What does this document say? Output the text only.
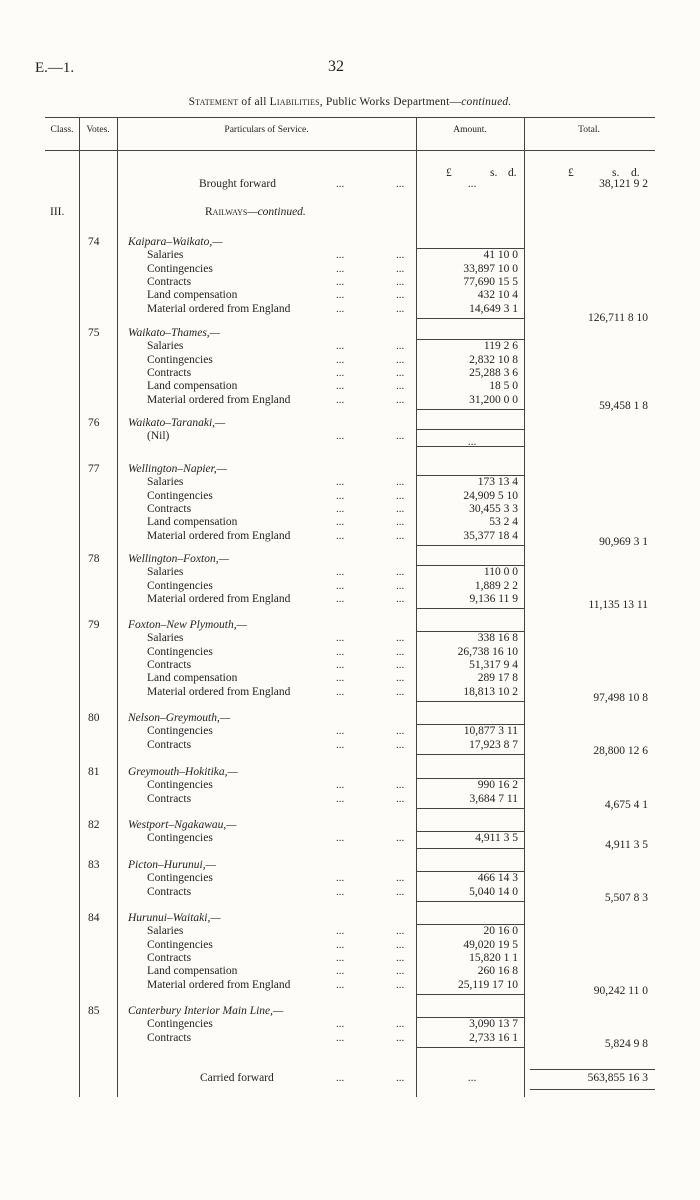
E.—1.	32
Statement of all Liabilities, Public Works Department—continued.
Class.	Votes.	Particulars of Service.	Amount.	Total.
£	s. d.	£	s. d.
Brought forward	...	...	...	38,121 9 2
III.	Railways—continued.
74 Kaipara–Waikato,—
Salaries	...	...	41 10 0
Contingencies	...	...	33,897 10 0
Contracts	...	...	77,690 15 5
Land compensation	...	...	432 10 4
Material ordered from England	...	...	14,649 3 1
126,711 8 10
75 Waikato–Thames,—
Salaries	...	...	119 2 6
Contingencies	...	...	2,832 10 8
Contracts	...	...	25,288 3 6
Land compensation	...	...	18 5 0
Material ordered from England	...	...	31,200 0 0
59,458 1 8
76 Waikato–Taranaki,—
(Nil)	...	...	...
77 Wellington–Napier,—
Salaries	...	...	173 13 4
Contingencies	...	...	24,909 5 10
Contracts	...	...	30,455 3 3
Land compensation	...	...	53 2 4
Material ordered from England	...	...	35,377 18 4
90,969 3 1
78 Wellington–Foxton,—
Salaries	...	...	110 0 0
Contingencies	...	...	1,889 2 2
Material ordered from England	...	...	9,136 11 9
11,135 13 11
79 Foxton–New Plymouth,—
Salaries	...	...	338 16 8
Contingencies	...	...	26,738 16 10
Contracts	...	...	51,317 9 4
Land compensation	...	...	289 17 8
Material ordered from England	...	...	18,813 10 2
97,498 10 8
80 Nelson–Greymouth,—
Contingencies	...	...	10,877 3 11
Contracts	...	...	17,923 8 7
28,800 12 6
81 Greymouth–Hokitika,—
Contingencies	...	...	990 16 2
Contracts	...	...	3,684 7 11
4,675 4 1
82 Westport–Ngakawau,—
Contingencies	...	...	4,911 3 5
4,911 3 5
83 Picton–Hurunui,—
Contingencies	...	...	466 14 3
Contracts	...	...	5,040 14 0
5,507 8 3
84 Hurunui–Waitaki,—
Salaries	...	...	20 16 0
Contingencies	...	...	49,020 19 5
Contracts	...	...	15,820 1 1
Land compensation	...	...	260 16 8
Material ordered from England	...	...	25,119 17 10
90,242 11 0
85 Canterbury Interior Main Line,—
Contingencies	...	...	3,090 13 7
Contracts	...	...	2,733 16 1
5,824 9 8
Carried forward	...	...	...	563,855 16 3
